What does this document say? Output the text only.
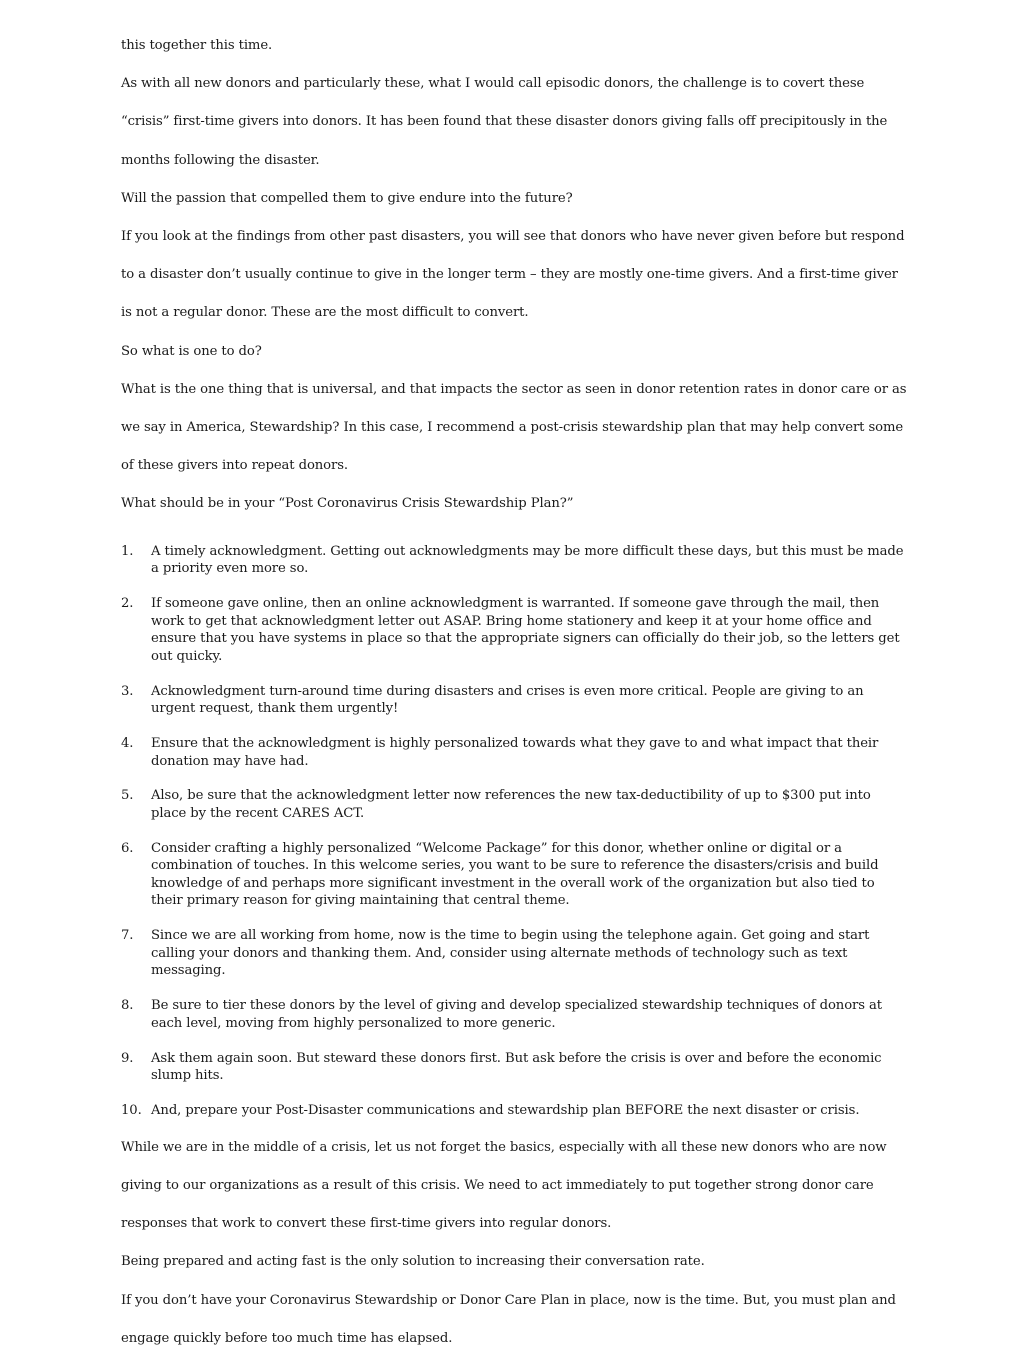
this together this time.

As with all new donors and particularly these, what I would call episodic donors, the challenge is to covert these “crisis” first-time givers into donors. It has been found that these disaster donors giving falls off precipitously in the months following the disaster.

Will the passion that compelled them to give endure into the future?

If you look at the findings from other past disasters, you will see that donors who have never given before but respond to a disaster don’t usually continue to give in the longer term – they are mostly one-time givers. And a first-time giver is not a regular donor. These are the most difficult to convert.

So what is one to do?

What is the one thing that is universal, and that impacts the sector as seen in donor retention rates in donor care or as we say in America, Stewardship? In this case, I recommend a post-crisis stewardship plan that may help convert some of these givers into repeat donors.

What should be in your “Post Coronavirus Crisis Stewardship Plan?”

1. A timely acknowledgment. Getting out acknowledgments may be more difficult these days, but this must be made a priority even more so.
2. If someone gave online, then an online acknowledgment is warranted. If someone gave through the mail, then work to get that acknowledgment letter out ASAP. Bring home stationery and keep it at your home office and ensure that you have systems in place so that the appropriate signers can officially do their job, so the letters get out quicky.
3. Acknowledgment turn-around time during disasters and crises is even more critical. People are giving to an urgent request, thank them urgently!
4. Ensure that the acknowledgment is highly personalized towards what they gave to and what impact that their donation may have had.
5. Also, be sure that the acknowledgment letter now references the new tax-deductibility of up to $300 put into place by the recent CARES ACT.
6. Consider crafting a highly personalized “Welcome Package” for this donor, whether online or digital or a combination of touches. In this welcome series, you want to be sure to reference the disasters/crisis and build knowledge of and perhaps more significant investment in the overall work of the organization but also tied to their primary reason for giving maintaining that central theme.
7. Since we are all working from home, now is the time to begin using the telephone again. Get going and start calling your donors and thanking them. And, consider using alternate methods of technology such as text messaging.
8. Be sure to tier these donors by the level of giving and develop specialized stewardship techniques of donors at each level, moving from highly personalized to more generic.
9. Ask them again soon. But steward these donors first. But ask before the crisis is over and before the economic slump hits.
10. And, prepare your Post-Disaster communications and stewardship plan BEFORE the next disaster or crisis.

While we are in the middle of a crisis, let us not forget the basics, especially with all these new donors who are now giving to our organizations as a result of this crisis. We need to act immediately to put together strong donor care responses that work to convert these first-time givers into regular donors.

Being prepared and acting fast is the only solution to increasing their conversation rate.

If you don’t have your Coronavirus Stewardship or Donor Care Plan in place, now is the time. But, you must plan and engage quickly before too much time has elapsed.
